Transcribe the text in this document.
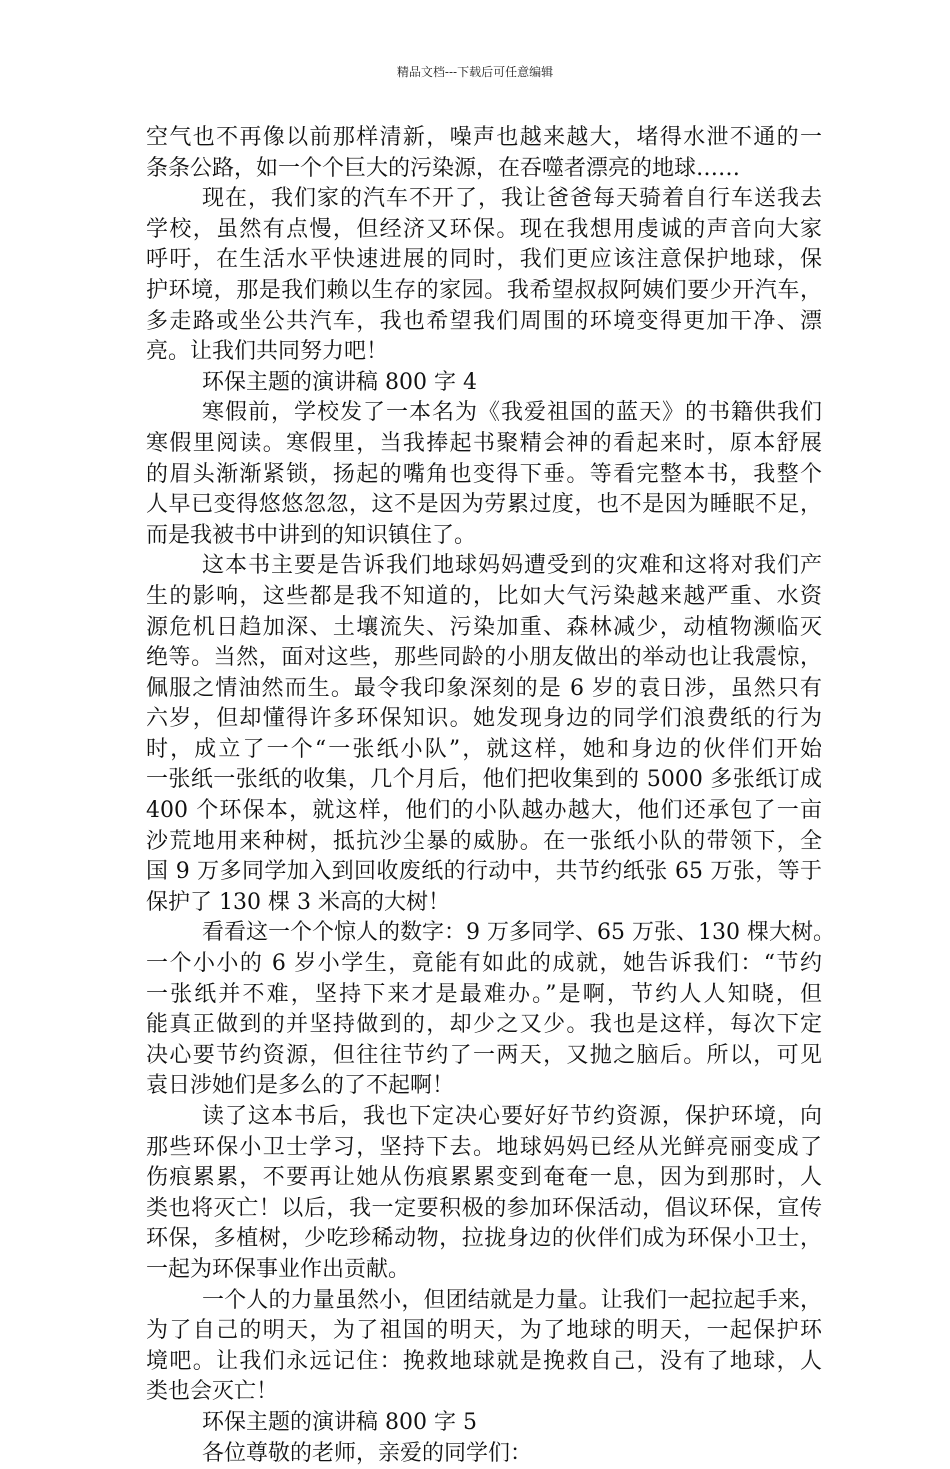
精品文档---下载后可任意编辑
空气也不再像以前那样清新，噪声也越来越大，堵得水泄不通的一
条条公路，如一个个巨大的污染源，在吞噬者漂亮的地球……
现在，我们家的汽车不开了，我让爸爸每天骑着自行车送我去
学校，虽然有点慢，但经济又环保。现在我想用虔诚的声音向大家
呼吁，在生活水平快速进展的同时，我们更应该注意保护地球，保
护环境，那是我们赖以生存的家园。我希望叔叔阿姨们要少开汽车，
多走路或坐公共汽车，我也希望我们周围的环境变得更加干净、漂
亮。让我们共同努力吧！
环保主题的演讲稿 800 字 4
寒假前，学校发了一本名为《我爱祖国的蓝天》的书籍供我们
寒假里阅读。寒假里，当我捧起书聚精会神的看起来时，原本舒展
的眉头渐渐紧锁，扬起的嘴角也变得下垂。等看完整本书，我整个
人早已变得悠悠忽忽，这不是因为劳累过度，也不是因为睡眠不足，
而是我被书中讲到的知识镇住了。
这本书主要是告诉我们地球妈妈遭受到的灾难和这将对我们产
生的影响，这些都是我不知道的，比如大气污染越来越严重、水资
源危机日趋加深、土壤流失、污染加重、森林减少，动植物濒临灭
绝等。当然，面对这些，那些同龄的小朋友做出的举动也让我震惊，
佩服之情油然而生。最令我印象深刻的是 6 岁的袁日涉，虽然只有
六岁，但却懂得许多环保知识。她发现身边的同学们浪费纸的行为
时，成立了一个“一张纸小队”，就这样，她和身边的伙伴们开始
一张纸一张纸的收集，几个月后，他们把收集到的 5000 多张纸订成
400 个环保本，就这样，他们的小队越办越大，他们还承包了一亩
沙荒地用来种树，抵抗沙尘暴的威胁。在一张纸小队的带领下，全
国 9 万多同学加入到回收废纸的行动中，共节约纸张 65 万张，等于
保护了 130 棵 3 米高的大树！
看看这一个个惊人的数字：9 万多同学、65 万张、130 棵大树。
一个小小的 6 岁小学生，竟能有如此的成就，她告诉我们：“节约
一张纸并不难，坚持下来才是最难办。”是啊，节约人人知晓，但
能真正做到的并坚持做到的，却少之又少。我也是这样，每次下定
决心要节约资源，但往往节约了一两天，又抛之脑后。所以，可见
袁日涉她们是多么的了不起啊！
读了这本书后，我也下定决心要好好节约资源，保护环境，向
那些环保小卫士学习，坚持下去。地球妈妈已经从光鲜亮丽变成了
伤痕累累，不要再让她从伤痕累累变到奄奄一息，因为到那时，人
类也将灭亡！以后，我一定要积极的参加环保活动，倡议环保，宣传
环保，多植树，少吃珍稀动物，拉拢身边的伙伴们成为环保小卫士，
一起为环保事业作出贡献。
一个人的力量虽然小，但团结就是力量。让我们一起拉起手来，
为了自己的明天，为了祖国的明天，为了地球的明天，一起保护环
境吧。让我们永远记住：挽救地球就是挽救自己，没有了地球，人
类也会灭亡！
环保主题的演讲稿 800 字 5
各位尊敬的老师，亲爱的同学们：
